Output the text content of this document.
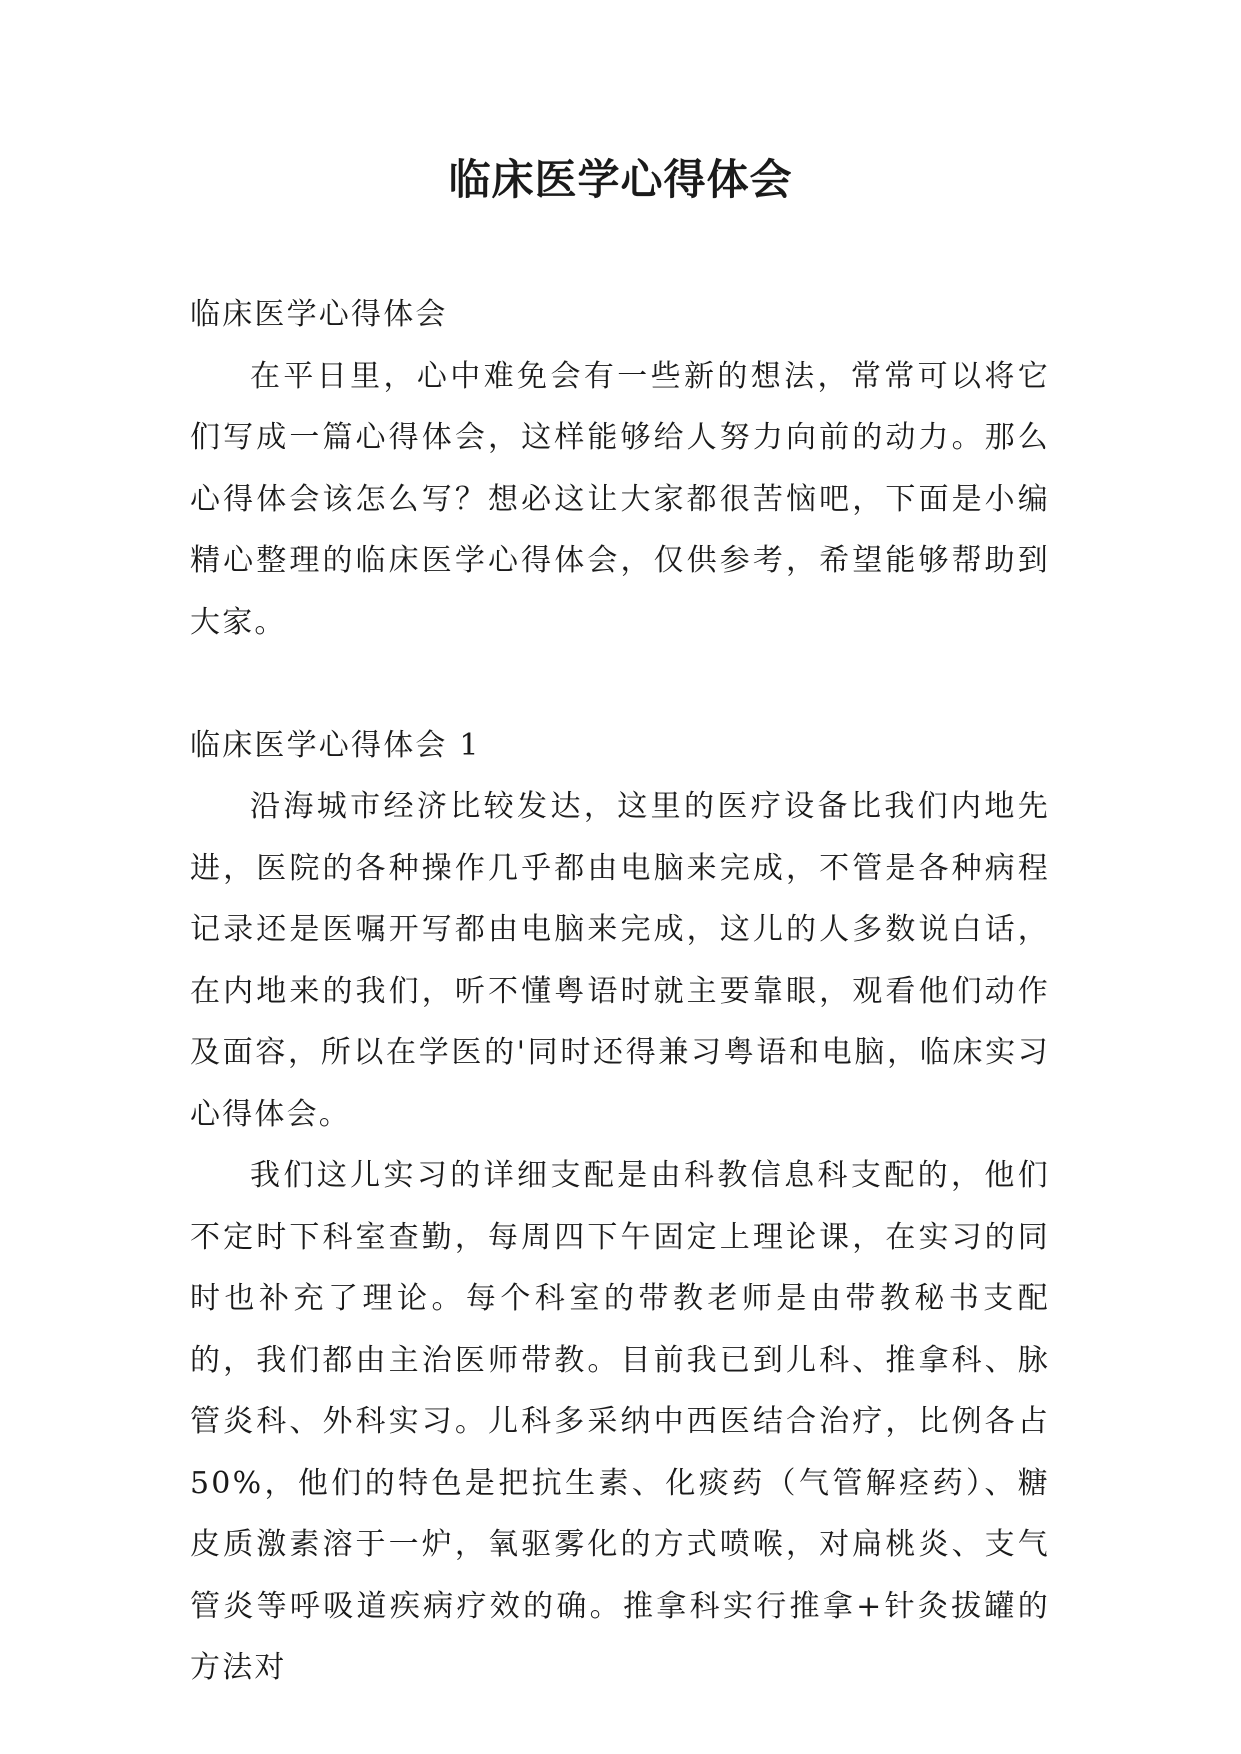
临床医学心得体会

临床医学心得体会

在平日里，心中难免会有一些新的想法，常常可以将它们写成一篇心得体会，这样能够给人努力向前的动力。那么心得体会该怎么写？想必这让大家都很苦恼吧，下面是小编精心整理的临床医学心得体会，仅供参考，希望能够帮助到大家。

临床医学心得体会 1

沿海城市经济比较发达，这里的医疗设备比我们内地先进，医院的各种操作几乎都由电脑来完成，不管是各种病程记录还是医嘱开写都由电脑来完成，这儿的人多数说白话，在内地来的我们，听不懂粤语时就主要靠眼，观看他们动作及面容，所以在学医的'同时还得兼习粤语和电脑，临床实习心得体会。

我们这儿实习的详细支配是由科教信息科支配的，他们不定时下科室查勤，每周四下午固定上理论课，在实习的同时也补充了理论。每个科室的带教老师是由带教秘书支配的，我们都由主治医师带教。目前我已到儿科、推拿科、脉管炎科、外科实习。儿科多采纳中西医结合治疗，比例各占 50%，他们的特色是把抗生素、化痰药（气管解痉药）、糖皮质激素溶于一炉，氧驱雾化的方式喷喉，对扁桃炎、支气管炎等呼吸道疾病疗效的确。推拿科实行推拿+针灸拔罐的方法对
